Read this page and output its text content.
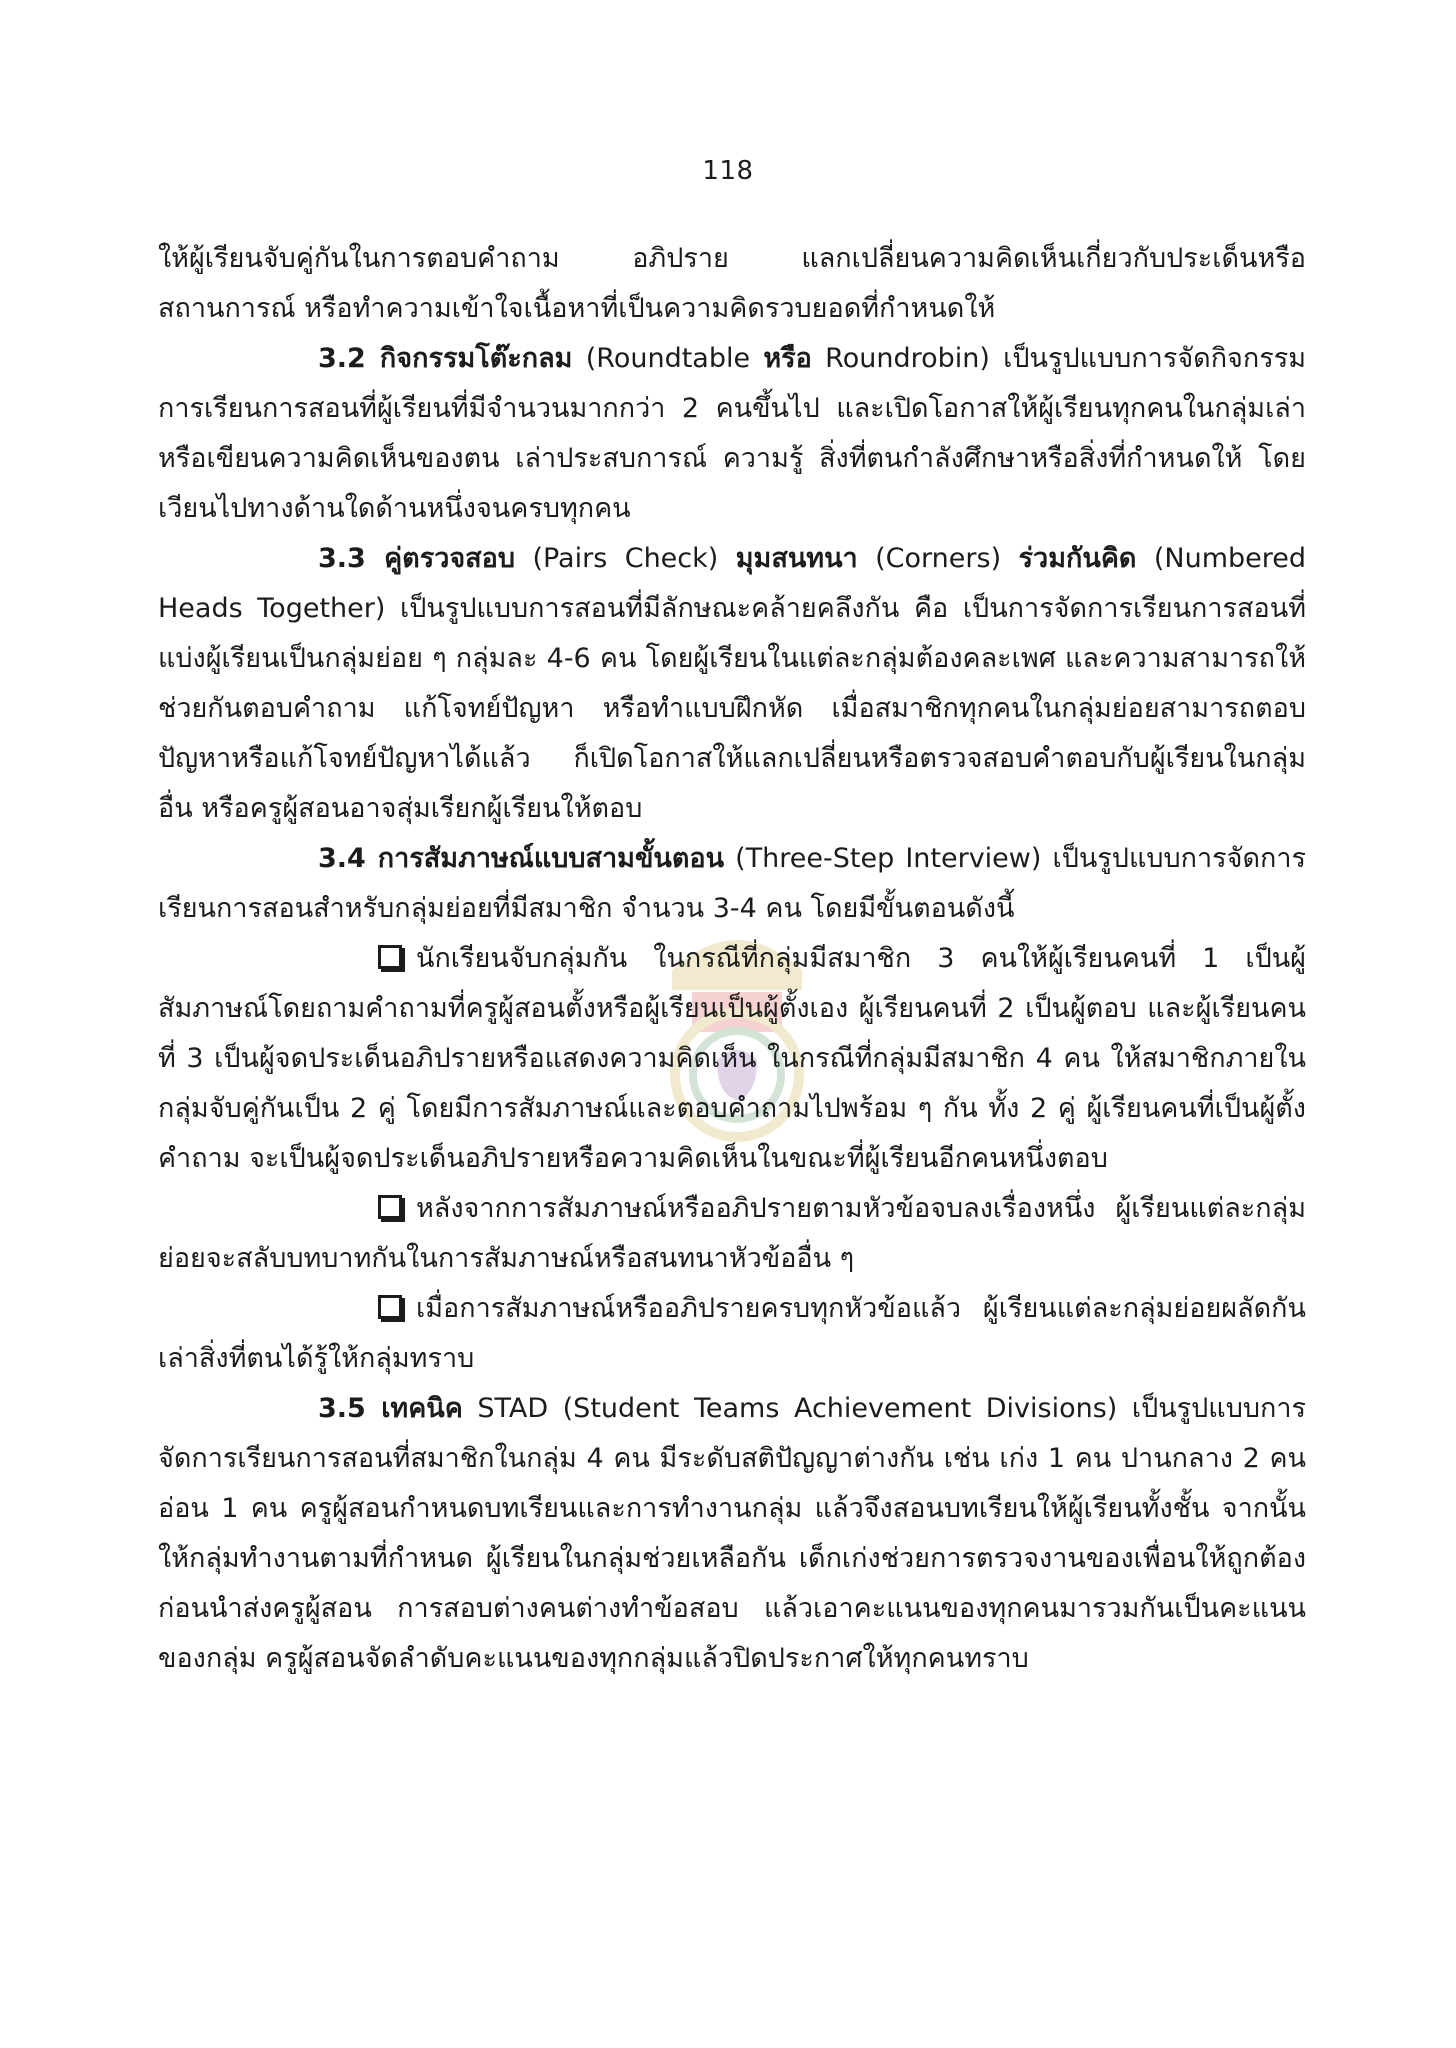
118

ให้ผู้เรียนจับคู่กันในการตอบคำถาม อภิปราย แลกเปลี่ยนความคิดเห็นเกี่ยวกับประเด็นหรือสถานการณ์ หรือทำความเข้าใจเนื้อหาที่เป็นความคิดรวบยอดที่กำหนดให้

3.2 กิจกรรมโต๊ะกลม (Roundtable หรือ Roundrobin) เป็นรูปแบบการจัดกิจกรรมการเรียนการสอนที่ผู้เรียนที่มีจำนวนมากกว่า 2 คนขึ้นไป และเปิดโอกาสให้ผู้เรียนทุกคนในกลุ่มเล่าหรือเขียนความคิดเห็นของตน เล่าประสบการณ์ ความรู้ สิ่งที่ตนกำลังศึกษาหรือสิ่งที่กำหนดให้ โดยเวียนไปทางด้านใดด้านหนึ่งจนครบทุกคน

3.3 คู่ตรวจสอบ (Pairs Check) มุมสนทนา (Corners) ร่วมกันคิด (Numbered Heads Together) เป็นรูปแบบการสอนที่มีลักษณะคล้ายคลึงกัน คือ เป็นการจัดการเรียนการสอนที่แบ่งผู้เรียนเป็นกลุ่มย่อย ๆ กลุ่มละ 4-6 คน โดยผู้เรียนในแต่ละกลุ่มต้องคละเพศ และความสามารถให้ช่วยกันตอบคำถาม แก้โจทย์ปัญหา หรือทำแบบฝึกหัด เมื่อสมาชิกทุกคนในกลุ่มย่อยสามารถตอบปัญหาหรือแก้โจทย์ปัญหาได้แล้ว ก็เปิดโอกาสให้แลกเปลี่ยนหรือตรวจสอบคำตอบกับผู้เรียนในกลุ่มอื่น หรือครูผู้สอนอาจสุ่มเรียกผู้เรียนให้ตอบ

3.4 การสัมภาษณ์แบบสามขั้นตอน (Three-Step Interview) เป็นรูปแบบการจัดการเรียนการสอนสำหรับกลุ่มย่อยที่มีสมาชิก จำนวน 3-4 คน โดยมีขั้นตอนดังนี้

นักเรียนจับกลุ่มกัน ในกรณีที่กลุ่มมีสมาชิก 3 คนให้ผู้เรียนคนที่ 1 เป็นผู้สัมภาษณ์โดยถามคำถามที่ครูผู้สอนตั้งหรือผู้เรียนเป็นผู้ตั้งเอง ผู้เรียนคนที่ 2 เป็นผู้ตอบ และผู้เรียนคนที่ 3 เป็นผู้จดประเด็นอภิปรายหรือแสดงความคิดเห็น ในกรณีที่กลุ่มมีสมาชิก 4 คน ให้สมาชิกภายในกลุ่มจับคู่กันเป็น 2 คู่ โดยมีการสัมภาษณ์และตอบคำถามไปพร้อม ๆ กัน ทั้ง 2 คู่ ผู้เรียนคนที่เป็นผู้ตั้งคำถาม จะเป็นผู้จดประเด็นอภิปรายหรือความคิดเห็นในขณะที่ผู้เรียนอีกคนหนึ่งตอบ

หลังจากการสัมภาษณ์หรืออภิปรายตามหัวข้อจบลงเรื่องหนึ่ง ผู้เรียนแต่ละกลุ่มย่อยจะสลับบทบาทกันในการสัมภาษณ์หรือสนทนาหัวข้ออื่น ๆ

เมื่อการสัมภาษณ์หรืออภิปรายครบทุกหัวข้อแล้ว ผู้เรียนแต่ละกลุ่มย่อยผลัดกันเล่าสิ่งที่ตนได้รู้ให้กลุ่มทราบ

3.5 เทคนิค STAD (Student Teams Achievement Divisions) เป็นรูปแบบการจัดการเรียนการสอนที่สมาชิกในกลุ่ม 4 คน มีระดับสติปัญญาต่างกัน เช่น เก่ง 1 คน ปานกลาง 2 คน อ่อน 1 คน ครูผู้สอนกำหนดบทเรียนและการทำงานกลุ่ม แล้วจึงสอนบทเรียนให้ผู้เรียนทั้งชั้น จากนั้นให้กลุ่มทำงานตามที่กำหนด ผู้เรียนในกลุ่มช่วยเหลือกัน เด็กเก่งช่วยการตรวจงานของเพื่อนให้ถูกต้องก่อนนำส่งครูผู้สอน การสอบต่างคนต่างทำข้อสอบ แล้วเอาคะแนนของทุกคนมารวมกันเป็นคะแนนของกลุ่ม ครูผู้สอนจัดลำดับคะแนนของทุกกลุ่มแล้วปิดประกาศให้ทุกคนทราบ
